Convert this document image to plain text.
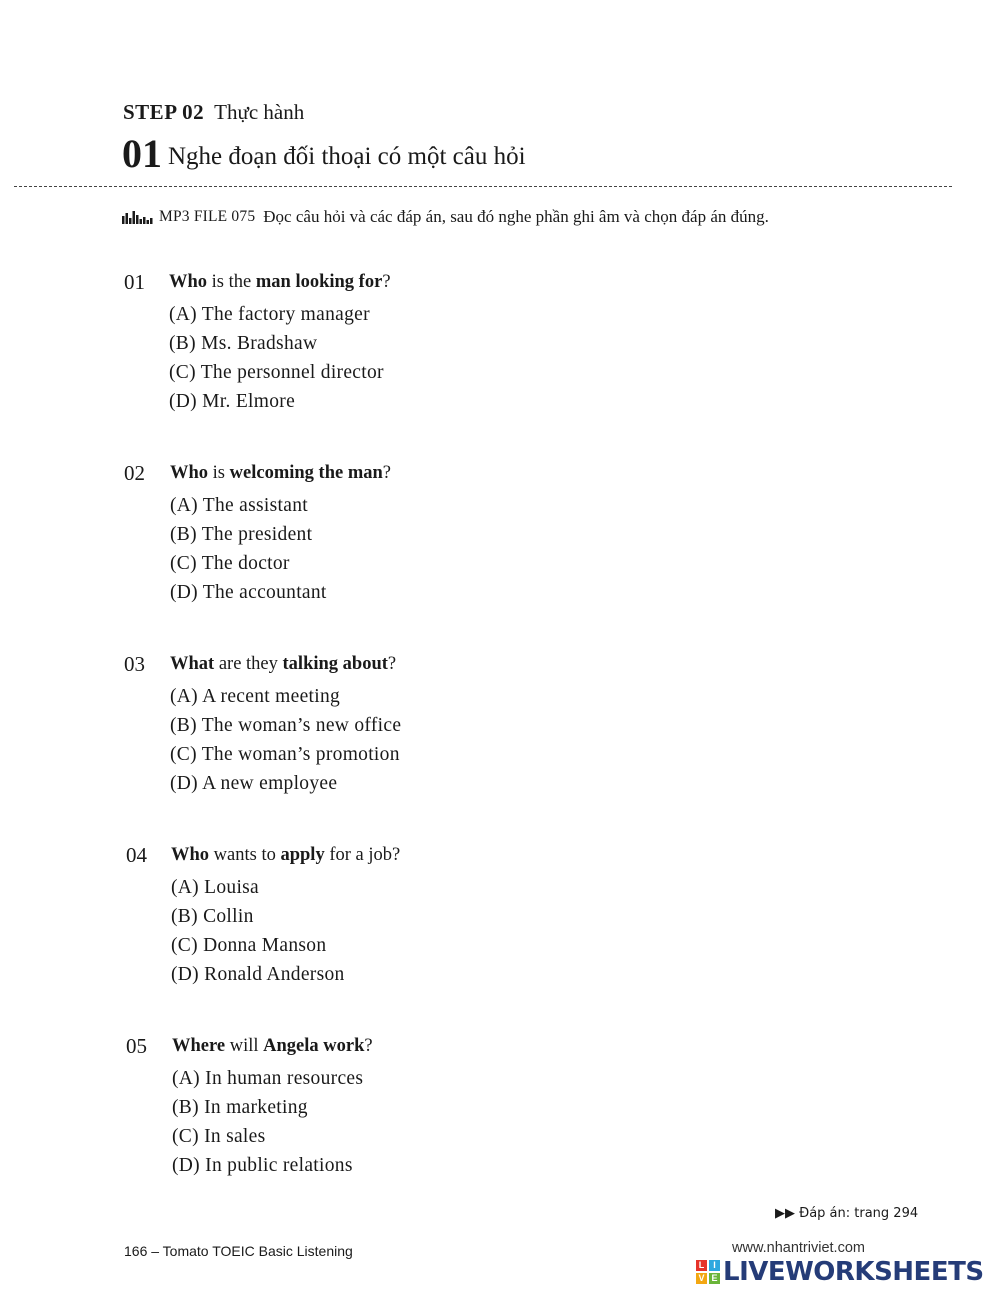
STEP 02 Thực hành
01 Nghe đoạn đối thoại có một câu hỏi
MP3 FILE 075 Đọc câu hỏi và các đáp án, sau đó nghe phần ghi âm và chọn đáp án đúng.
01 Who is the man looking for?
(A) The factory manager
(B) Ms. Bradshaw
(C) The personnel director
(D) Mr. Elmore
02 Who is welcoming the man?
(A) The assistant
(B) The president
(C) The doctor
(D) The accountant
03 What are they talking about?
(A) A recent meeting
(B) The woman’s new office
(C) The woman’s promotion
(D) A new employee
04 Who wants to apply for a job?
(A) Louisa
(B) Collin
(C) Donna Manson
(D) Ronald Anderson
05 Where will Angela work?
(A) In human resources
(B) In marketing
(C) In sales
(D) In public relations
▶▶ Đáp án: trang 294
166 – Tomato TOEIC Basic Listening	www.nhantriviet.com
L I
V E LIVEWORKSHEETS
